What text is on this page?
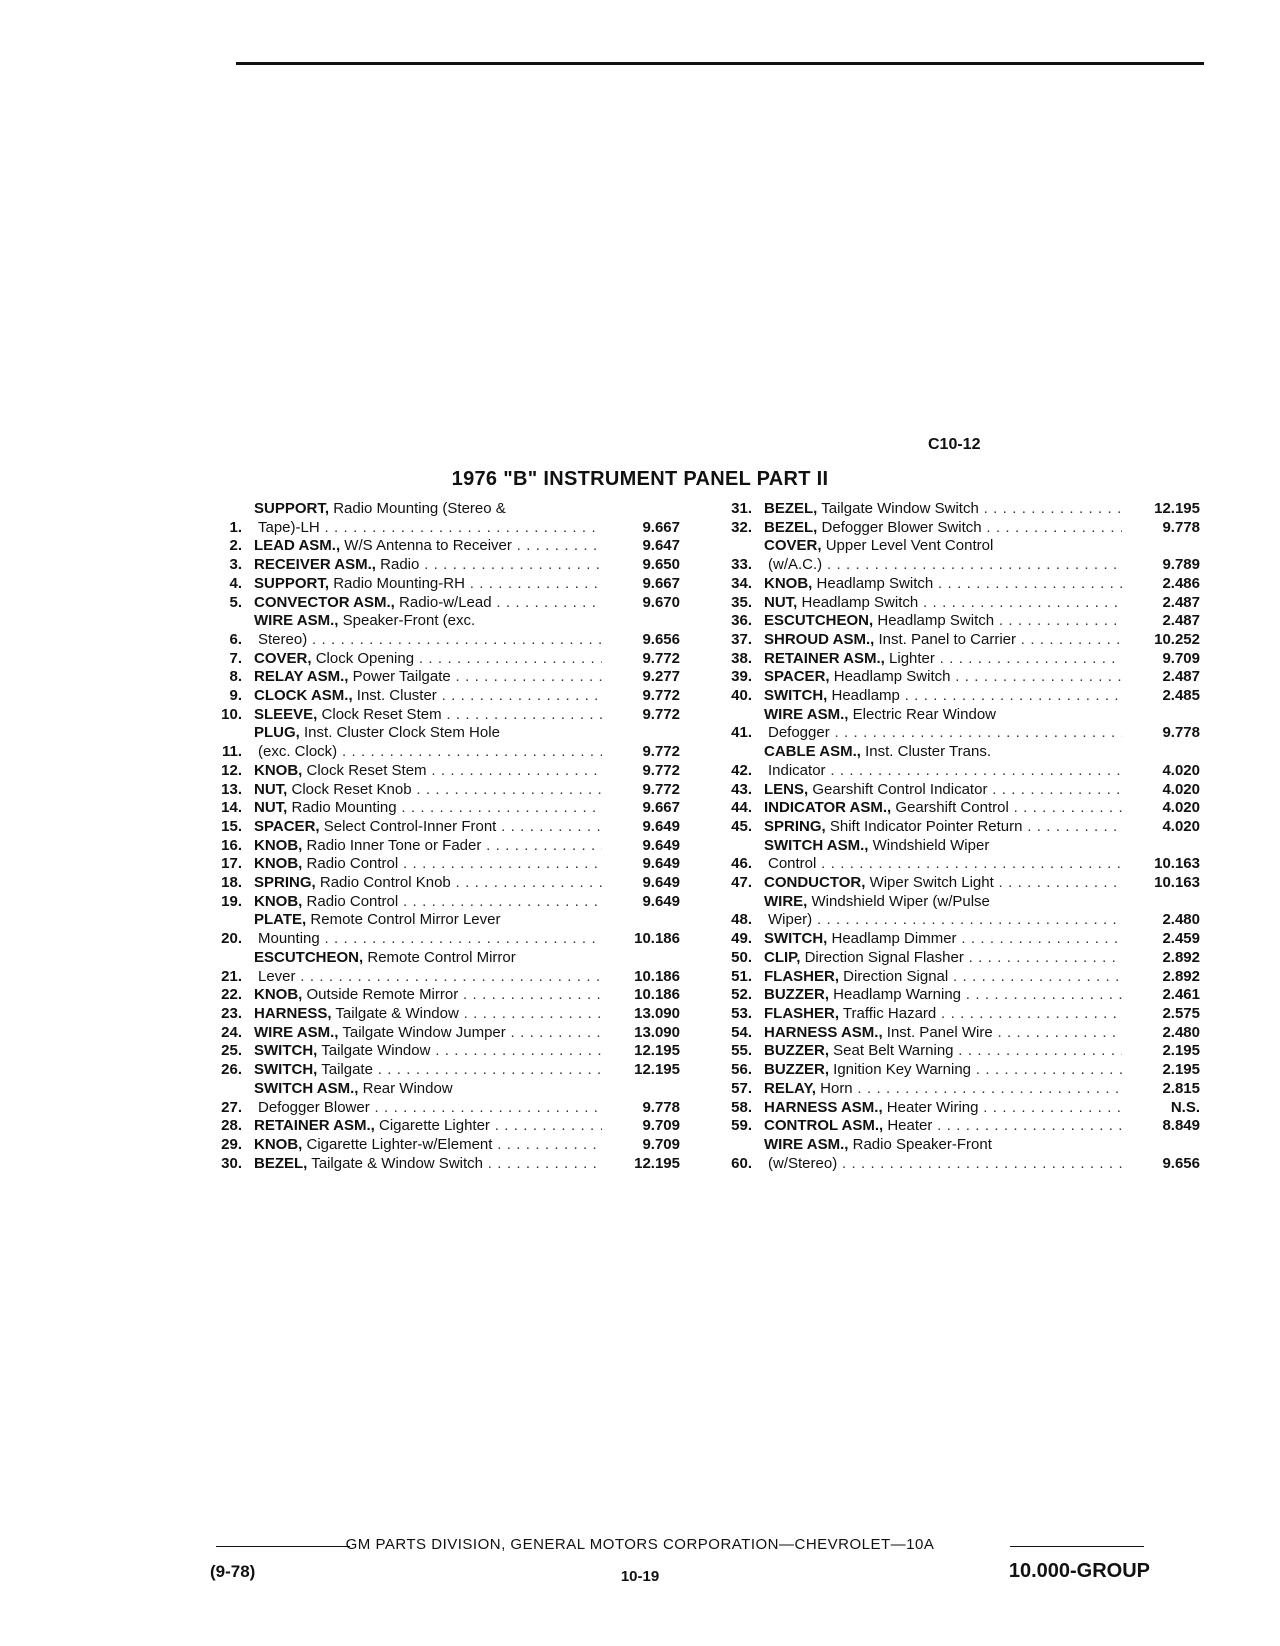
C10-12
1976 "B" INSTRUMENT PANEL PART II
1.
SUPPORT, Radio Mounting (Stereo &
Tape)-LH . . .	9.667
2. LEAD ASM., W/S Antenna to Receiver . . .	9.647
3. RECEIVER ASM., Radio . . .	9.650
4. SUPPORT, Radio Mounting-RH . . .	9.667
5. CONVECTOR ASM., Radio-w/Lead . . .	9.670
6.
WIRE ASM., Speaker-Front (exc.
Stereo) . . .	9.656
7. COVER, Clock Opening . . .	9.772
8. RELAY ASM., Power Tailgate . . .	9.277
9. CLOCK ASM., Inst. Cluster . . .	9.772
10. SLEEVE, Clock Reset Stem . . .	9.772
11.
PLUG, Inst. Cluster Clock Stem Hole
(exc. Clock) . . .	9.772
12. KNOB, Clock Reset Stem . . .	9.772
13. NUT, Clock Reset Knob . . .	9.772
14. NUT, Radio Mounting . . .	9.667
15. SPACER, Select Control-Inner Front . . .	9.649
16. KNOB, Radio Inner Tone or Fader . . .	9.649
17. KNOB, Radio Control . . .	9.649
18. SPRING, Radio Control Knob . . .	9.649
19. KNOB, Radio Control . . .	9.649
20.
PLATE, Remote Control Mirror Lever
Mounting . . .	10.186
21.
ESCUTCHEON, Remote Control Mirror
Lever . . .	10.186
22. KNOB, Outside Remote Mirror . . .	10.186
23. HARNESS, Tailgate & Window . . .	13.090
24. WIRE ASM., Tailgate Window Jumper . . .	13.090
25. SWITCH, Tailgate Window . . .	12.195
26. SWITCH, Tailgate . . .	12.195
27.
SWITCH ASM., Rear Window
Defogger Blower . . .	9.778
28. RETAINER ASM., Cigarette Lighter . . .	9.709
29. KNOB, Cigarette Lighter-w/Element . . .	9.709
30. BEZEL, Tailgate & Window Switch . . .	12.195
31. BEZEL, Tailgate Window Switch . . .	12.195
32. BEZEL, Defogger Blower Switch . . .	9.778
33.
COVER, Upper Level Vent Control
(w/A.C.) . . .	9.789
34. KNOB, Headlamp Switch . . .	2.486
35. NUT, Headlamp Switch . . .	2.487
36. ESCUTCHEON, Headlamp Switch . . .	2.487
37. SHROUD ASM., Inst. Panel to Carrier . . .	10.252
38. RETAINER ASM., Lighter . . .	9.709
39. SPACER, Headlamp Switch . . .	2.487
40. SWITCH, Headlamp . . .	2.485
41.
WIRE ASM., Electric Rear Window
Defogger . . .	9.778
42.
CABLE ASM., Inst. Cluster Trans.
Indicator . . .	4.020
43. LENS, Gearshift Control Indicator . . .	4.020
44. INDICATOR ASM., Gearshift Control . . .	4.020
45. SPRING, Shift Indicator Pointer Return . . .	4.020
46.
SWITCH ASM., Windshield Wiper
Control . . .	10.163
47. CONDUCTOR, Wiper Switch Light . . .	10.163
48.
WIRE, Windshield Wiper (w/Pulse
Wiper) . . .	2.480
49. SWITCH, Headlamp Dimmer . . .	2.459
50. CLIP, Direction Signal Flasher . . .	2.892
51. FLASHER, Direction Signal . . .	2.892
52. BUZZER, Headlamp Warning . . .	2.461
53. FLASHER, Traffic Hazard . . .	2.575
54. HARNESS ASM., Inst. Panel Wire . . .	2.480
55. BUZZER, Seat Belt Warning . . .	2.195
56. BUZZER, Ignition Key Warning . . .	2.195
57. RELAY, Horn . . .	2.815
58. HARNESS ASM., Heater Wiring . . .	N.S.
59. CONTROL ASM., Heater . . .	8.849
60.
WIRE ASM., Radio Speaker-Front
(w/Stereo) . . .	9.656
GM PARTS DIVISION, GENERAL MOTORS CORPORATION—CHEVROLET—10A
(9-78)	10-19	10.000-GROUP
